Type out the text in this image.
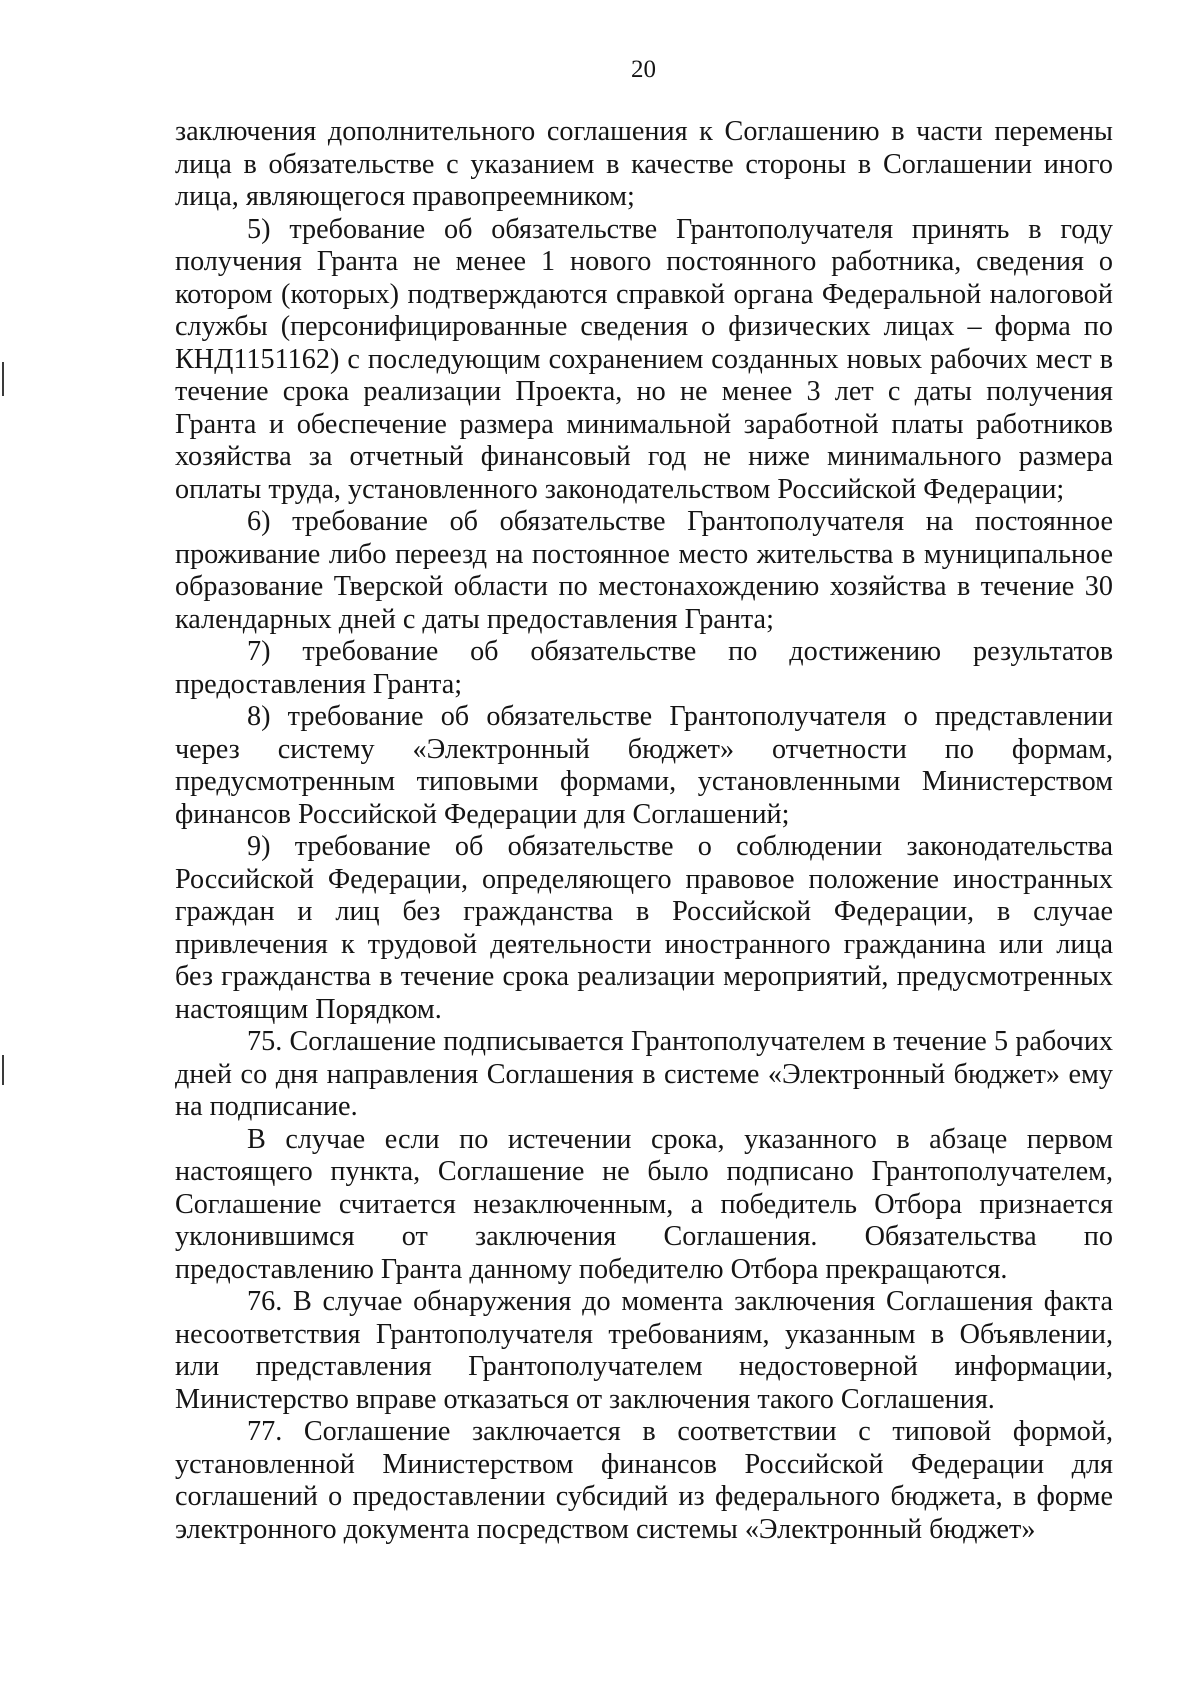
20

заключения дополнительного соглашения к Соглашению в части перемены лица в обязательстве с указанием в качестве стороны в Соглашении иного лица, являющегося правопреемником;

5) требование об обязательстве Грантополучателя принять в году получения Гранта не менее 1 нового постоянного работника, сведения о котором (которых) подтверждаются справкой органа Федеральной налоговой службы (персонифицированные сведения о физических лицах – форма по КНД1151162) с последующим сохранением созданных новых рабочих мест в течение срока реализации Проекта, но не менее 3 лет с даты получения Гранта и обеспечение размера минимальной заработной платы работников хозяйства за отчетный финансовый год не ниже минимального размера оплаты труда, установленного законодательством Российской Федерации;

6) требование об обязательстве Грантополучателя на постоянное проживание либо переезд на постоянное место жительства в муниципальное образование Тверской области по местонахождению хозяйства в течение 30 календарных дней с даты предоставления Гранта;

7) требование об обязательстве по достижению результатов предоставления Гранта;

8) требование об обязательстве Грантополучателя о представлении через систему «Электронный бюджет» отчетности по формам, предусмотренным типовыми формами, установленными Министерством финансов Российской Федерации для Соглашений;

9) требование об обязательстве о соблюдении законодательства Российской Федерации, определяющего правовое положение иностранных граждан и лиц без гражданства в Российской Федерации, в случае привлечения к трудовой деятельности иностранного гражданина или лица без гражданства в течение срока реализации мероприятий, предусмотренных настоящим Порядком.

75. Соглашение подписывается Грантополучателем в течение 5 рабочих дней со дня направления Соглашения в системе «Электронный бюджет» ему на подписание.

В случае если по истечении срока, указанного в абзаце первом настоящего пункта, Соглашение не было подписано Грантополучателем, Соглашение считается незаключенным, а победитель Отбора признается уклонившимся от заключения Соглашения. Обязательства по предоставлению Гранта данному победителю Отбора прекращаются.

76. В случае обнаружения до момента заключения Соглашения факта несоответствия Грантополучателя требованиям, указанным в Объявлении, или представления Грантополучателем недостоверной информации, Министерство вправе отказаться от заключения такого Соглашения.

77. Соглашение заключается в соответствии с типовой формой, установленной Министерством финансов Российской Федерации для соглашений о предоставлении субсидий из федерального бюджета, в форме электронного документа посредством системы «Электронный бюджет»
